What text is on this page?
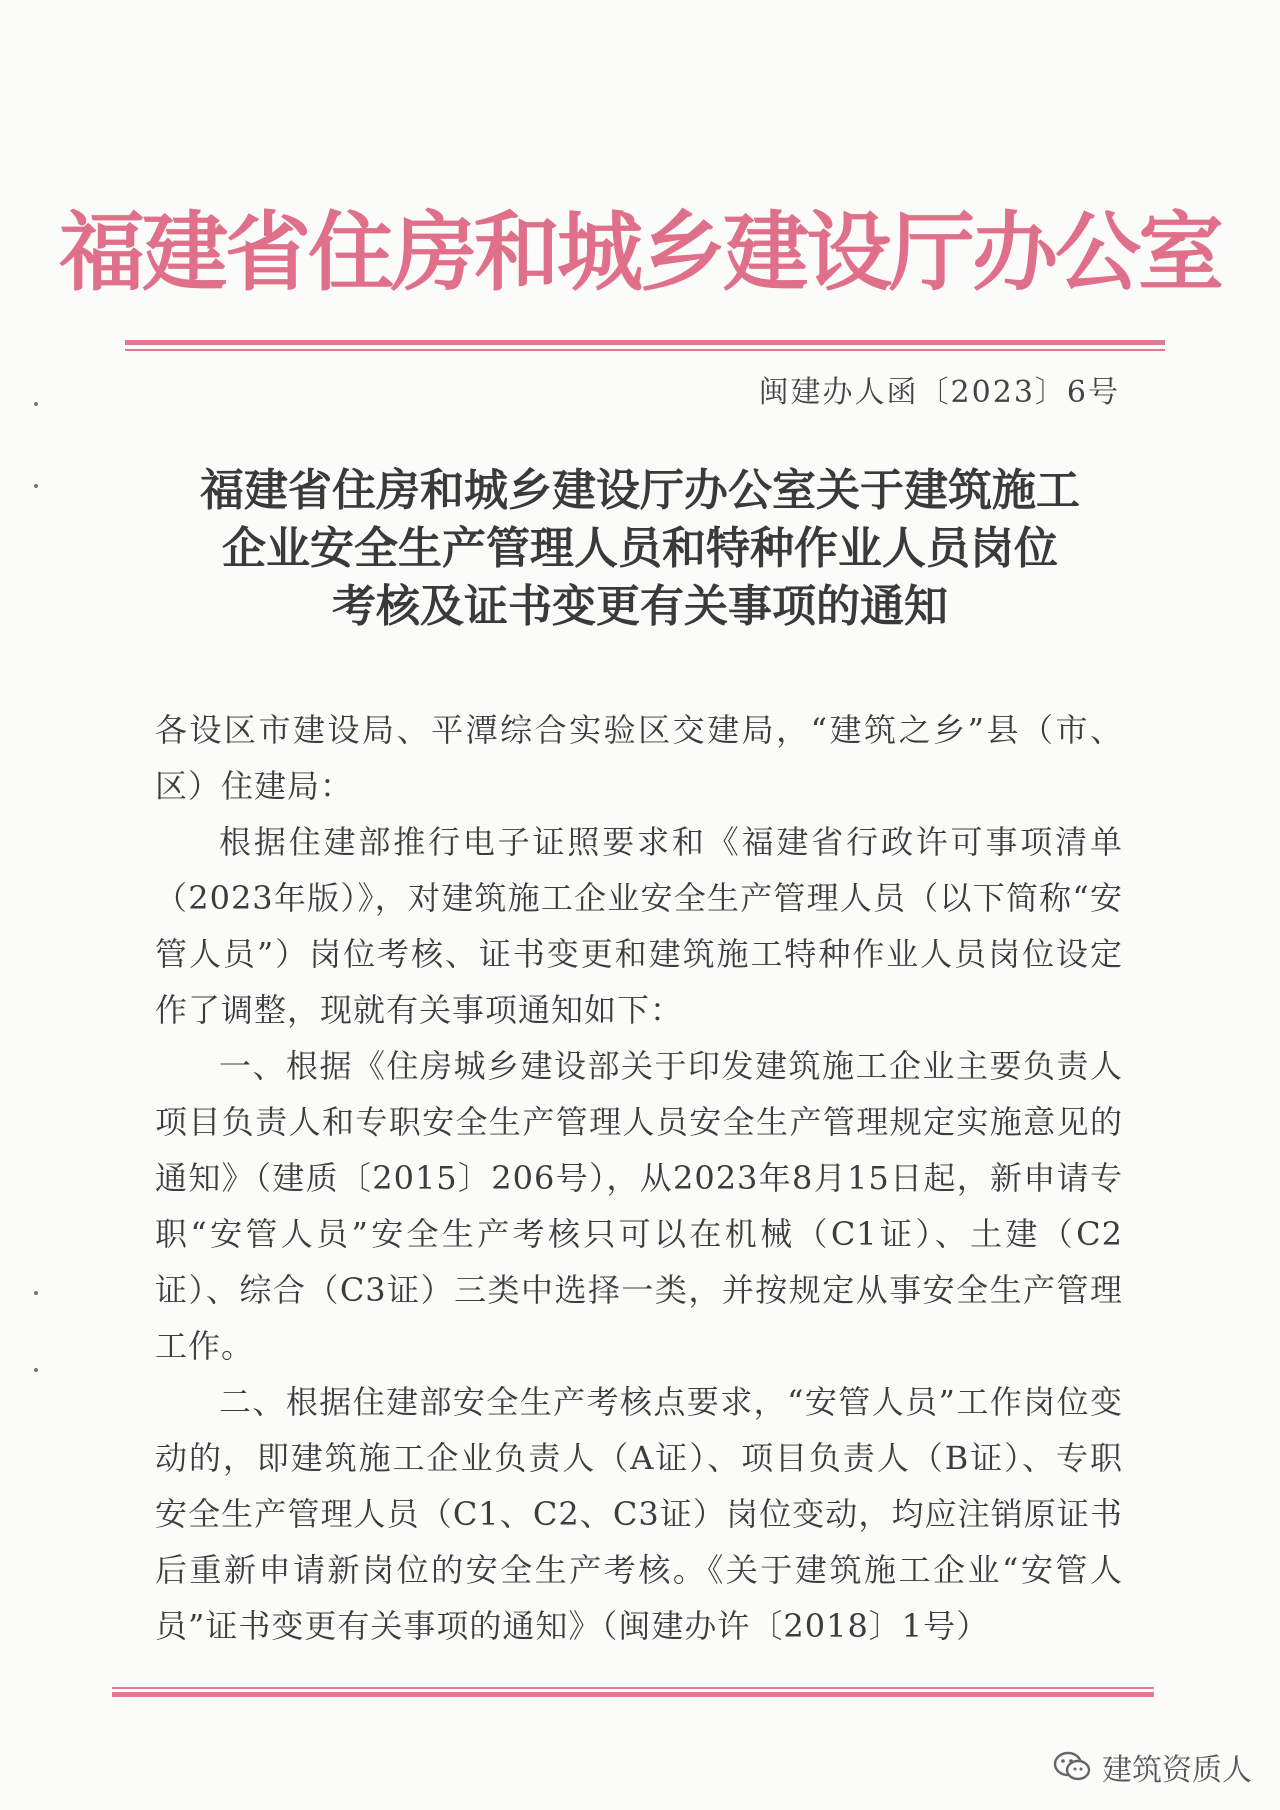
福建省住房和城乡建设厅办公室
闽建办人函〔2023〕6号
福建省住房和城乡建设厅办公室关于建筑施工
企业安全生产管理人员和特种作业人员岗位
考核及证书变更有关事项的通知

各设区市建设局、平潭综合实验区交建局，“建筑之乡”县（市、区）住建局：

根据住建部推行电子证照要求和《福建省行政许可事项清单（2023年版）》，对建筑施工企业安全生产管理人员（以下简称“安管人员”）岗位考核、证书变更和建筑施工特种作业人员岗位设定作了调整，现就有关事项通知如下：

一、根据《住房城乡建设部关于印发建筑施工企业主要负责人 项目负责人和专职安全生产管理人员安全生产管理规定实施意见的通知》（建质〔2015〕206号），从2023年8月15日起，新申请专职“安管人员”安全生产考核只可以在机械（C1证）、土建（C2证）、综合（C3证）三类中选择一类，并按规定从事安全生产管理工作。

二、根据住建部安全生产考核点要求，“安管人员”工作岗位变动的，即建筑施工企业负责人（A证）、项目负责人（B证）、专职安全生产管理人员（C1、C2、C3证）岗位变动，均应注销原证书后重新申请新岗位的安全生产考核。《关于建筑施工企业“安管人员”证书变更有关事项的通知》（闽建办许〔2018〕1号）

建筑资质人
